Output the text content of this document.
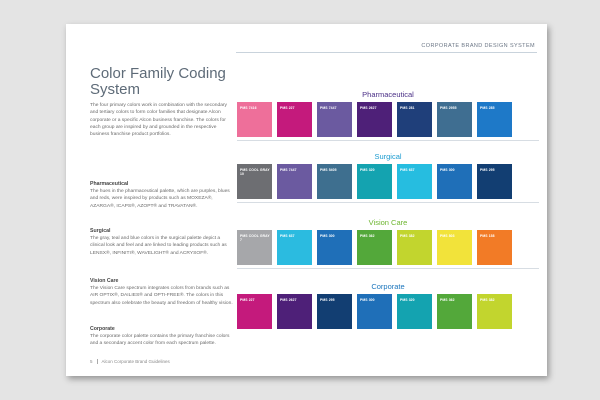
CORPORATE BRAND DESIGN SYSTEM
Color Family Coding System
The four primary colors work in combination with the secondary and tertiary colors to form color families that designate Alcon corporate or a specific Alcon business franchise. The colors for each group are inspired by and grounded in the respective business franchise product portfolios.
Pharmaceutical

The hues in the pharmaceutical palette, which are purples, blues and reds, were inspired by products such as MOXEZA®, AZARGA®, ICAPS®, AZOPT® and TRAVATAN®.

Surgical

The gray, teal and blue colors in the surgical palette depict a clinical look and feel and are linked to leading products such as LENSX®, INFINITI®, WAVELIGHT® and ACRYSOF®.

Vision Care

The Vision Care spectrum integrates colors from brands such as AIR OPTIX®, DAILIES® and OPTI-FREE®. The colors in this spectrum also celebrate the beauty and freedom of healthy vision.

Corporate

The corporate color palette contains the primary franchise colors and a secondary accent color from each spectrum palette.

5 Alcon Corporate Brand Guidelines
Pharmaceutical
PMS 7416	PMS 227	PMS 7447	PMS 2627	PMS 281	PMS 2955	PMS 285
Surgical
PMS COOL GRAY 10
PMS 7447	PMS 5405	PMS 320	PMS 637	PMS 300	PMS 295
Vision Care
PMS COOL GRAY 7
PMS 637	PMS 300	PMS 362	PMS 382	PMS 803	PMS 158
Corporate
PMS 227	PMS 2627	PMS 295	PMS 300	PMS 320	PMS 362	PMS 382
